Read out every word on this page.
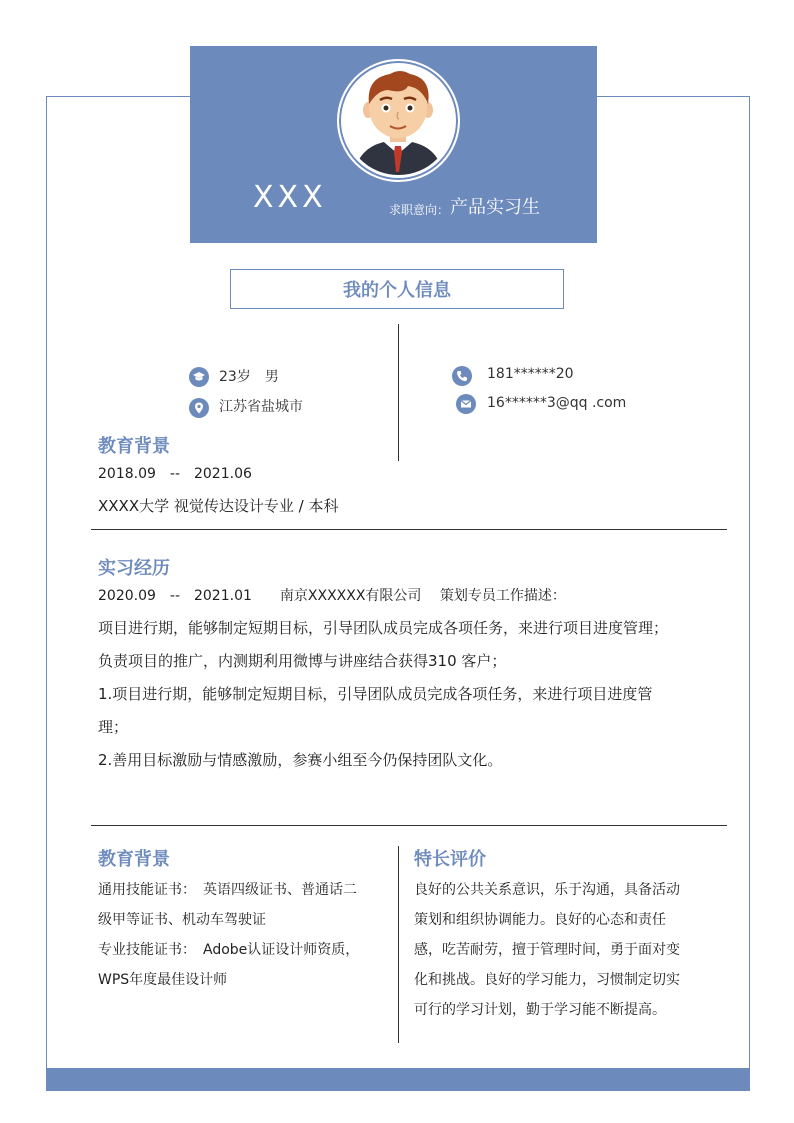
XXX	求职意向： 产品实习生
我的个人信息
23岁　男
江苏省盐城市
181******20
16******3@qq .com
教育背景
2018.09　--　2021.06
XXXX大学 视觉传达设计专业 / 本科
实习经历
2020.09　--　2021.01　　南京XXXXXX有限公司　 策划专员工作描述：
项目进行期，能够制定短期目标，引导团队成员完成各项任务，来进行项目进度管理；
负责项目的推广，内测期利用微博与讲座结合获得310 客户；
1.项目进行期，能够制定短期目标，引导团队成员完成各项任务，来进行项目进度管
理；
2.善用目标激励与情感激励，参赛小组至今仍保持团队文化。
教育背景
通用技能证书：　英语四级证书、普通话二
级甲等证书、机动车驾驶证
专业技能证书：　Adobe认证设计师资质，
WPS年度最佳设计师
特长评价
良好的公共关系意识，乐于沟通，具备活动
策划和组织协调能力。良好的心态和责任
感，吃苦耐劳，擅于管理时间，勇于面对变
化和挑战。良好的学习能力，习惯制定切实
可行的学习计划，勤于学习能不断提高。
